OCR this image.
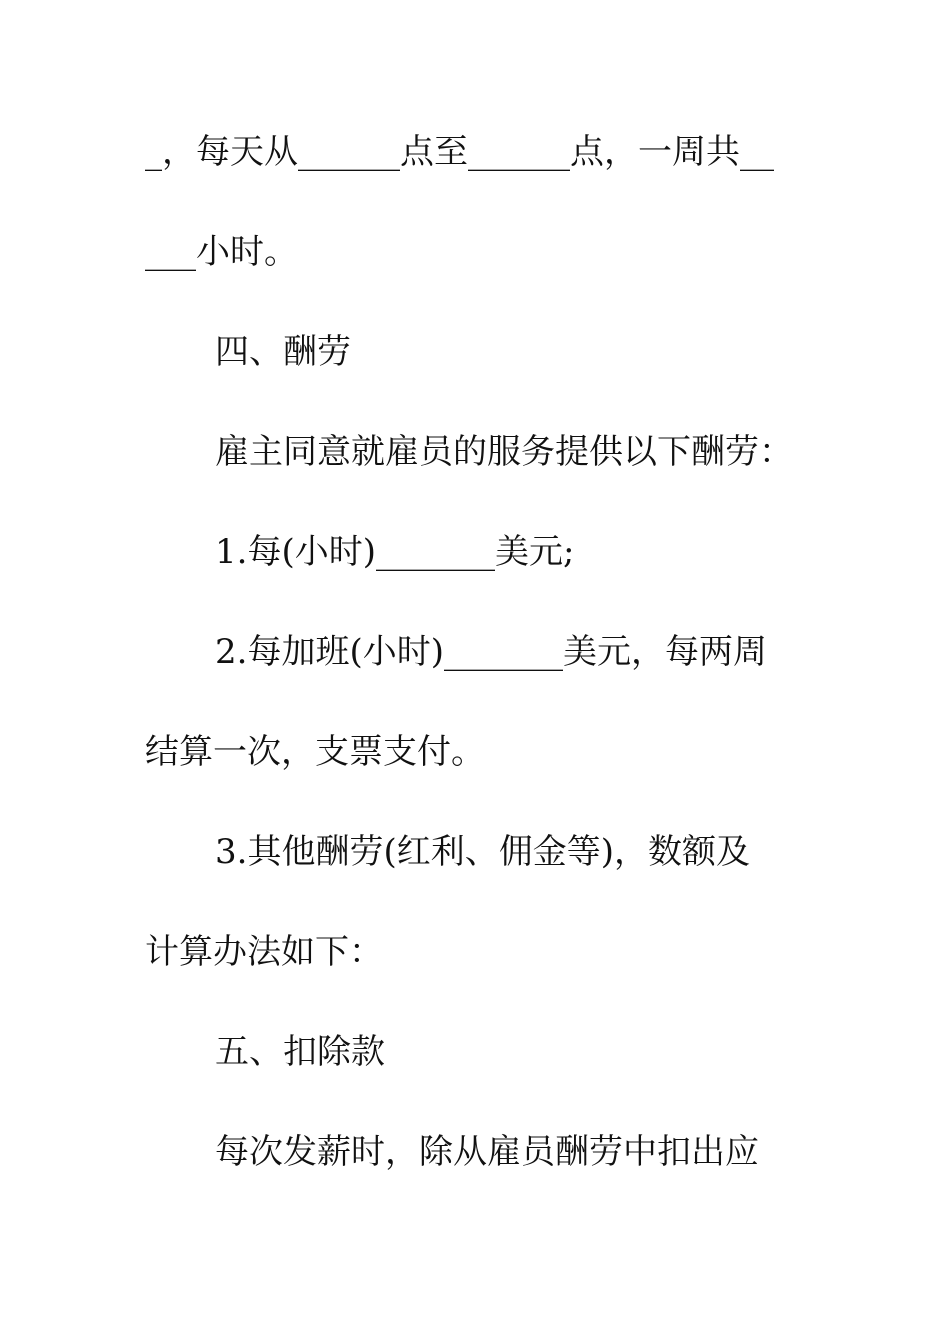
_，每天从______点至______点，一周共__
___小时。
四、酬劳
雇主同意就雇员的服务提供以下酬劳：
1.每(小时)_______美元;
2.每加班(小时)_______美元，每两周
结算一次，支票支付。
3.其他酬劳(红利、佣金等)，数额及
计算办法如下：
五、扣除款
每次发薪时，除从雇员酬劳中扣出应
